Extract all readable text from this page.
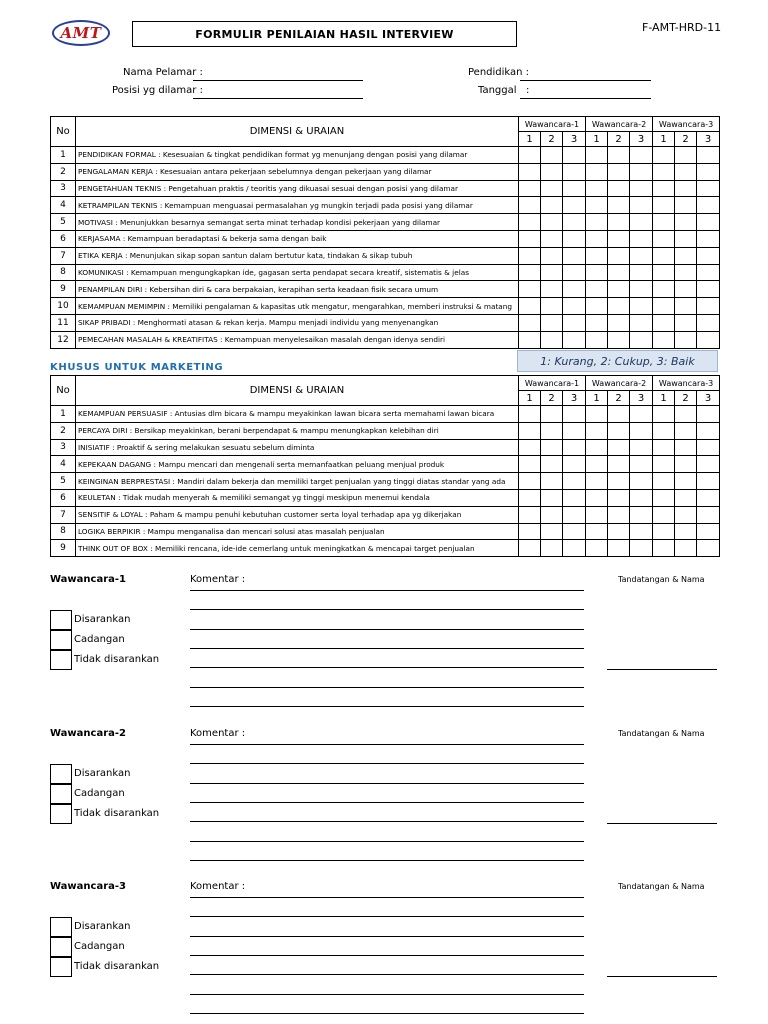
AMT	FORMULIR PENILAIAN HASIL INTERVIEW	F-AMT-HRD-11
Nama Pelamar :
Posisi yg dilamar :
Pendidikan :
Tanggal   :
No	DIMENSI & URAIAN	Wawancara-1			Wawancara-2			Wawancara-3		
		1	2	3	1	2	3	1	2	3
1	PENDIDIKAN FORMAL : Kesesuaian & tingkat pendidikan format yg menunjang dengan posisi yang dilamar									
2	PENGALAMAN KERJA : Kesesuaian antara pekerjaan sebelumnya dengan pekerjaan yang dilamar									
3	PENGETAHUAN TEKNIS : Pengetahuan praktis / teoritis yang dikuasai sesuai dengan posisi yang dilamar									
4	KETRAMPILAN TEKNIS : Kemampuan menguasai permasalahan yg mungkin terjadi pada posisi yang dilamar									
5	MOTIVASI : Menunjukkan besarnya semangat serta minat terhadap kondisi pekerjaan yang dilamar									
6	KERJASAMA : Kemampuan beradaptasi & bekerja sama dengan baik									
7	ETIKA KERJA : Menunjukan sikap sopan santun dalam bertutur kata, tindakan & sikap tubuh									
8	KOMUNIKASI : Kemampuan mengungkapkan ide, gagasan serta pendapat secara kreatif, sistematis & jelas									
9	PENAMPILAN DIRI : Kebersihan diri & cara berpakaian, kerapihan serta keadaan fisik secara umum									
10	KEMAMPUAN MEMIMPIN : Memiliki pengalaman & kapasitas utk mengatur, mengarahkan, memberi instruksi & matang									
11	SIKAP PRIBADI : Menghormati atasan & rekan kerja. Mampu menjadi individu yang menyenangkan									
12	PEMECAHAN MASALAH & KREATIFITAS : Kemampuan menyelesaikan masalah dengan idenya sendiri									
1: Kurang, 2: Cukup, 3: Baik
KHUSUS UNTUK MARKETING
No	DIMENSI & URAIAN	Wawancara-1			Wawancara-2			Wawancara-3		
		1	2	3	1	2	3	1	2	3
1	KEMAMPUAN PERSUASIF : Antusias dlm bicara & mampu meyakinkan lawan bicara serta memahami lawan bicara									
2	PERCAYA DIRI : Bersikap meyakinkan, berani berpendapat & mampu menungkapkan kelebihan diri									
3	INISIATIF : Proaktif & sering melakukan sesuatu sebelum diminta									
4	KEPEKAAN DAGANG : Mampu mencari dan mengenali serta memanfaatkan peluang menjual produk									
5	KEINGINAN BERPRESTASI : Mandiri dalam bekerja dan memiliki target penjualan yang tinggi diatas standar yang ada									
6	KEULETAN : Tidak mudah menyerah & memiliki semangat yg tinggi meskipun menemui kendala									
7	SENSITIF & LOYAL : Paham & mampu penuhi kebutuhan customer serta loyal terhadap apa yg dikerjakan									
8	LOGIKA BERPIKIR : Mampu menganalisa dan mencari solusi atas masalah penjualan									
9	THINK OUT OF BOX : Memiliki rencana, ide-ide cemerlang untuk meningkatkan & mencapai target penjualan									
Wawancara-1	Komentar :	Tandatangan & Nama
Disarankan
Cadangan
Tidak disarankan
Wawancara-2	Komentar :	Tandatangan & Nama
Disarankan
Cadangan
Tidak disarankan
Wawancara-3	Komentar :	Tandatangan & Nama
Disarankan
Cadangan
Tidak disarankan
